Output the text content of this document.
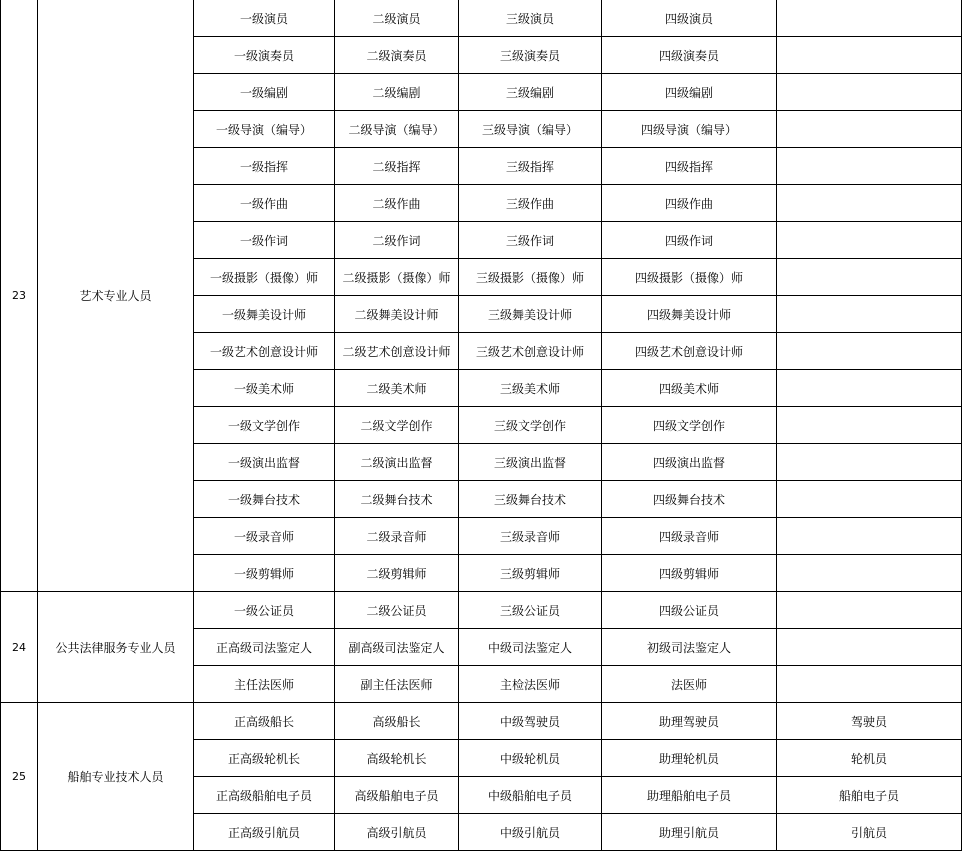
23	艺术专业人员	一级演员	二级演员	三级演员	四级演员	
		一级演奏员	二级演奏员	三级演奏员	四级演奏员	
		一级编剧	二级编剧	三级编剧	四级编剧	
		一级导演（编导）	二级导演（编导）	三级导演（编导）	四级导演（编导）	
		一级指挥	二级指挥	三级指挥	四级指挥	
		一级作曲	二级作曲	三级作曲	四级作曲	
		一级作词	二级作词	三级作词	四级作词	
		一级摄影（摄像）师	二级摄影（摄像）师	三级摄影（摄像）师	四级摄影（摄像）师	
		一级舞美设计师	二级舞美设计师	三级舞美设计师	四级舞美设计师	
		一级艺术创意设计师	二级艺术创意设计师	三级艺术创意设计师	四级艺术创意设计师	
		一级美术师	二级美术师	三级美术师	四级美术师	
		一级文学创作	二级文学创作	三级文学创作	四级文学创作	
		一级演出监督	二级演出监督	三级演出监督	四级演出监督	
		一级舞台技术	二级舞台技术	三级舞台技术	四级舞台技术	
		一级录音师	二级录音师	三级录音师	四级录音师	
		一级剪辑师	二级剪辑师	三级剪辑师	四级剪辑师	
24	公共法律服务专业人员	一级公证员	二级公证员	三级公证员	四级公证员	
		正高级司法鉴定人	副高级司法鉴定人	中级司法鉴定人	初级司法鉴定人	
		主任法医师	副主任法医师	主检法医师	法医师	
25	船舶专业技术人员	正高级船长	高级船长	中级驾驶员	助理驾驶员	驾驶员
		正高级轮机长	高级轮机长	中级轮机员	助理轮机员	轮机员
		正高级船舶电子员	高级船舶电子员	中级船舶电子员	助理船舶电子员	船舶电子员
		正高级引航员	高级引航员	中级引航员	助理引航员	引航员
